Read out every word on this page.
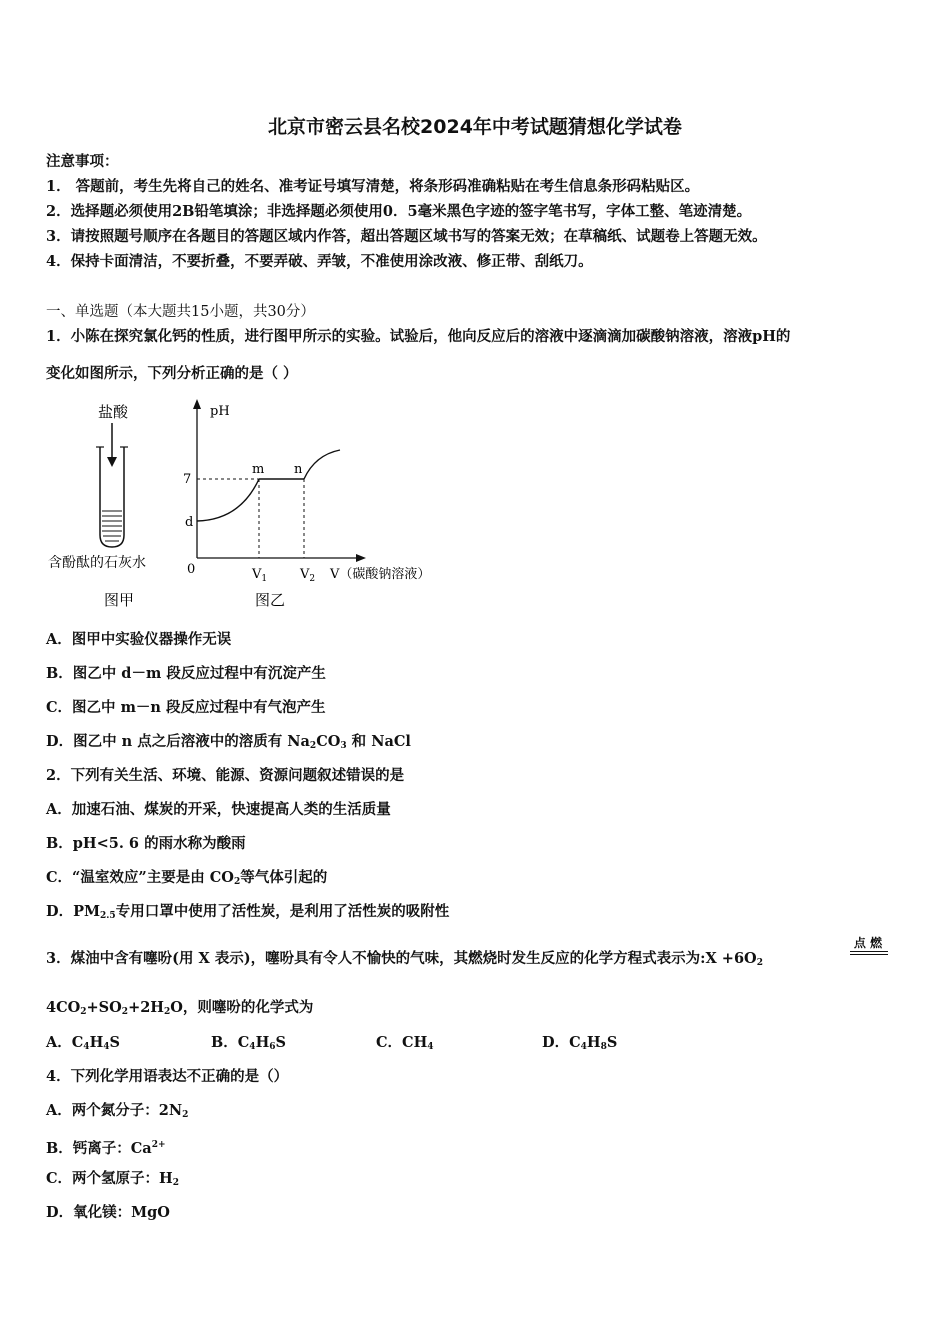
北京市密云县名校2024年中考试题猜想化学试卷
注意事项：
1． 答题前，考生先将自己的姓名、准考证号填写清楚，将条形码准确粘贴在考生信息条形码粘贴区。
2．选择题必须使用2B铅笔填涂；非选择题必须使用0．5毫米黑色字迹的签字笔书写，字体工整、笔迹清楚。
3．请按照题号顺序在各题目的答题区域内作答，超出答题区域书写的答案无效；在草稿纸、试题卷上答题无效。
4．保持卡面清洁，不要折叠，不要弄破、弄皱，不准使用涂改液、修正带、刮纸刀。
一、单选题（本大题共15小题，共30分）
1．小陈在探究氯化钙的性质，进行图甲所示的实验。试验后，他向反应后的溶液中逐滴滴加碳酸钠溶液，溶液pH的
变化如图所示，下列分析正确的是（ ）
盐酸
含酚酞的石灰水
图甲
pH
7
d
0
m n
$V_1$	$V_2$ V（碳酸钠溶液）
图乙
A．图甲中实验仪器操作无误
B．图乙中 d－m 段反应过程中有沉淀产生
C．图乙中 m－n 段反应过程中有气泡产生
D．图乙中 n 点之后溶液中的溶质有 $Na_2CO_3$ 和 NaCl
2．下列有关生活、环境、能源、资源问题叙述错误的是
A．加速石油、煤炭的开采，快速提高人类的生活质量
B．pH<5. 6 的雨水称为酸雨
C．“温室效应”主要是由 $CO_2$等气体引起的
D．$PM_{2.5}$专用口罩中使用了活性炭，是利用了活性炭的吸附性
3．煤油中含有噻吩(用 X 表示)，噻吩具有令人不愉快的气味，其燃烧时发生反应的化学方程式表示为:X $+6O_2$
点 燃
$4CO_2+SO_2+2H_2O$，则噻吩的化学式为
A．$C_4H_4S$	B．$C_4H_6S$	C．$CH_4$	D．$C_4H_8S$
4．下列化学用语表达不正确的是（）
A．两个氮分子：$2N_2$
B．钙离子：$Ca^{2+}$
C．两个氢原子：$H_2$
D．氧化镁：MgO
